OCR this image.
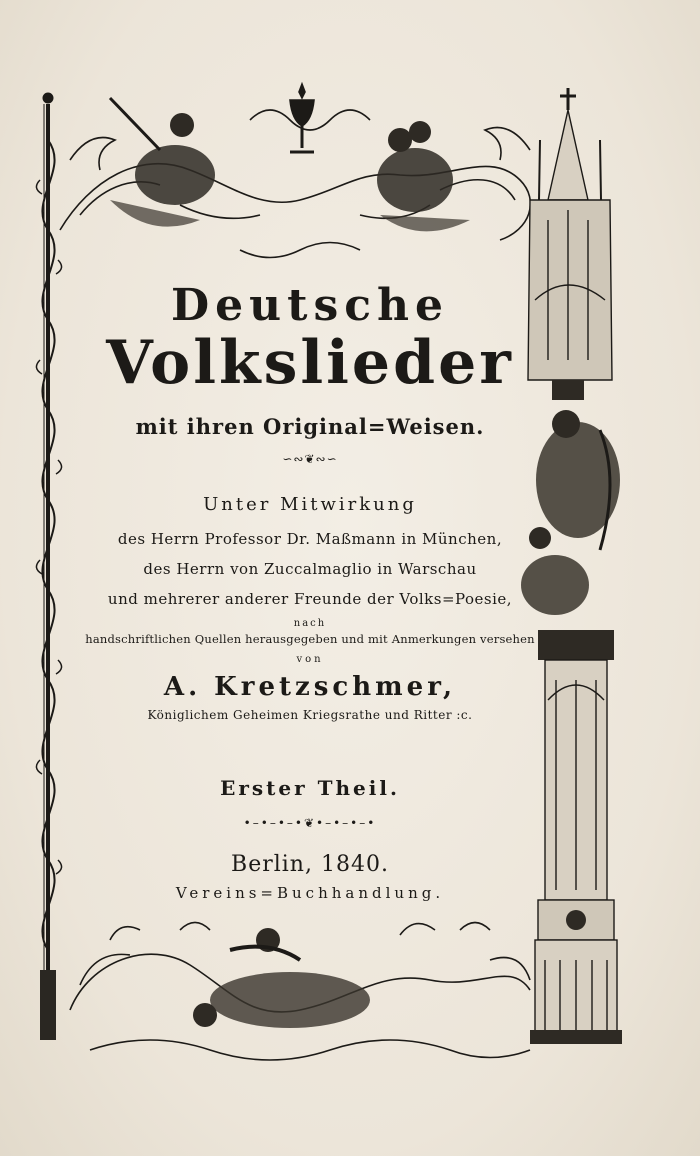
Deutsche
Volkslieder
mit ihren Original=Weisen.
∽∾❦∾∽
Unter Mitwirkung
des Herrn Professor Dr. Maßmann in München,
des Herrn von Zuccalmaglio in Warschau
und mehrerer anderer Freunde der Volks=Poesie,
nach
handschriftlichen Quellen herausgegeben und mit Anmerkungen versehen
von
A. Kretzschmer,
Königlichem Geheimen Kriegsrathe und Ritter :c.
Erster Theil.
•–•–•–•❦•–•–•–•
Berlin, 1840.
Vereins=Buchhandlung.
